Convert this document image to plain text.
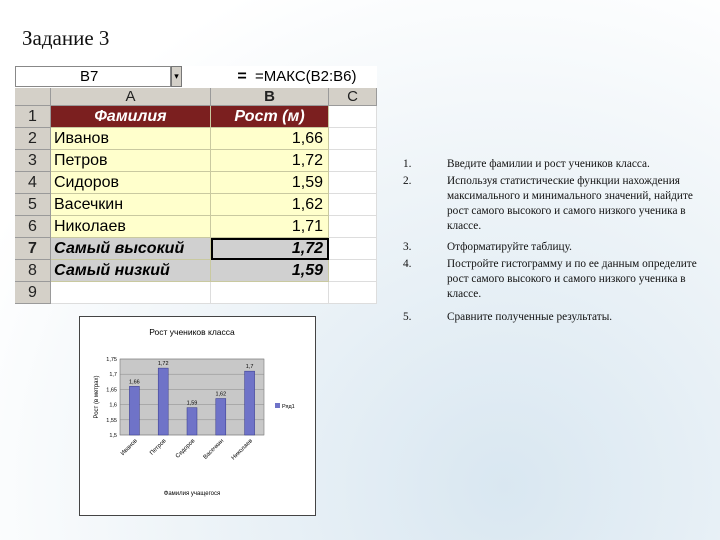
Задание 3
B7	▾	= =МАКС(B2:B6)
A	B	C
1	Фамилия	Рост (м)
2	Иванов	1,66
3	Петров	1,72
4	Сидоров	1,59
5	Васечкин	1,62
6	Николаев	1,71
7	Самый высокий	1,72
8	Самый низкий	1,59
9
Рост учеников класса
1,5
1,55
1,6
1,65
1,7
1,75
1,66
Иванов
1,72
Петров
1,59
Сидоров
1,62
Васечкин
1,7
Николаев
Рост (в метрах)
Фамилия учащегося
Ряд1
1.	Введите фамилии и рост учеников класса.
2.	Используя статистические функции нахождения максимального и минимального значений, найдите рост самого высокого и самого низкого ученика в классе.
3.	Отформатируйте таблицу.
4.	Постройте гистограмму и по ее данным определите рост самого высокого и самого низкого ученика в классе.
5.	Сравните полученные результаты.
